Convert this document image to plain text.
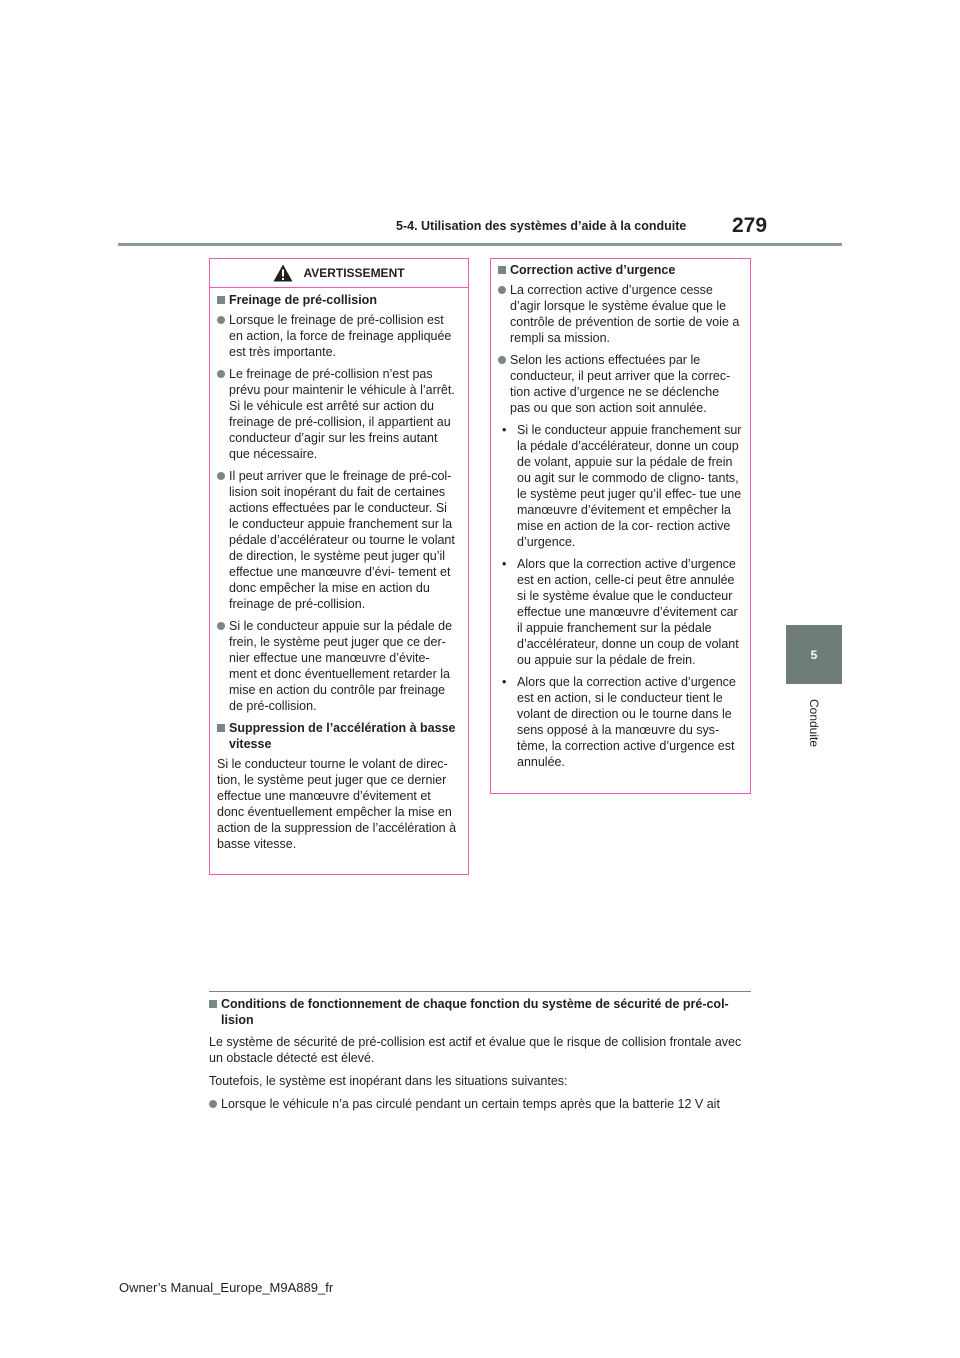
5-4. Utilisation des systèmes d’aide à la conduite 279
5
Conduite
AVERTISSEMENT

Freinage de pré-collision

Lorsque le freinage de pré-collision est en action, la force de freinage appliquée est très importante.

Le freinage de pré-collision n’est pas prévu pour maintenir le véhicule à l’arrêt. Si le véhicule est arrêté sur action du freinage de pré-collision, il appartient au conducteur d’agir sur les freins autant que nécessaire.

Il peut arriver que le freinage de pré-col- lision soit inopérant du fait de certaines actions effectuées par le conducteur. Si le conducteur appuie franchement sur la pédale d’accélérateur ou tourne le volant de direction, le système peut juger qu’il effectue une manœuvre d’évi- tement et donc empêcher la mise en action du freinage de pré-collision.

Si le conducteur appuie sur la pédale de frein, le système peut juger que ce der- nier effectue une manœuvre d’évite- ment et donc éventuellement retarder la mise en action du contrôle par freinage de pré-collision.

Suppression de l’accélération à basse vitesse

Si le conducteur tourne le volant de direc- tion, le système peut juger que ce dernier effectue une manœuvre d’évitement et donc éventuellement empêcher la mise en action de la suppression de l’accélération à basse vitesse.

Correction active d’urgence

La correction active d’urgence cesse d’agir lorsque le système évalue que le contrôle de prévention de sortie de voie a rempli sa mission.

Selon les actions effectuées par le conducteur, il peut arriver que la correc- tion active d’urgence ne se déclenche pas ou que son action soit annulée.

• Si le conducteur appuie franchement sur la pédale d’accélérateur, donne un coup de volant, appuie sur la pédale de frein ou agit sur le commodo de cligno- tants, le système peut juger qu’il effec- tue une manœuvre d’évitement et empêcher la mise en action de la cor- rection active d’urgence.

• Alors que la correction active d’urgence est en action, celle-ci peut être annulée si le système évalue que le conducteur effectue une manœuvre d’évitement car il appuie franchement sur la pédale d’accélérateur, donne un coup de volant ou appuie sur la pédale de frein.

• Alors que la correction active d’urgence est en action, si le conducteur tient le volant de direction ou le tourne dans le sens opposé à la manœuvre du sys- tème, la correction active d’urgence est annulée.

Conditions de fonctionnement de chaque fonction du système de sécurité de pré-col- lision

Le système de sécurité de pré-collision est actif et évalue que le risque de collision frontale avec un obstacle détecté est élevé.

Toutefois, le système est inopérant dans les situations suivantes:

Lorsque le véhicule n’a pas circulé pendant un certain temps après que la batterie 12 V ait

Owner’s Manual_Europe_M9A889_fr
